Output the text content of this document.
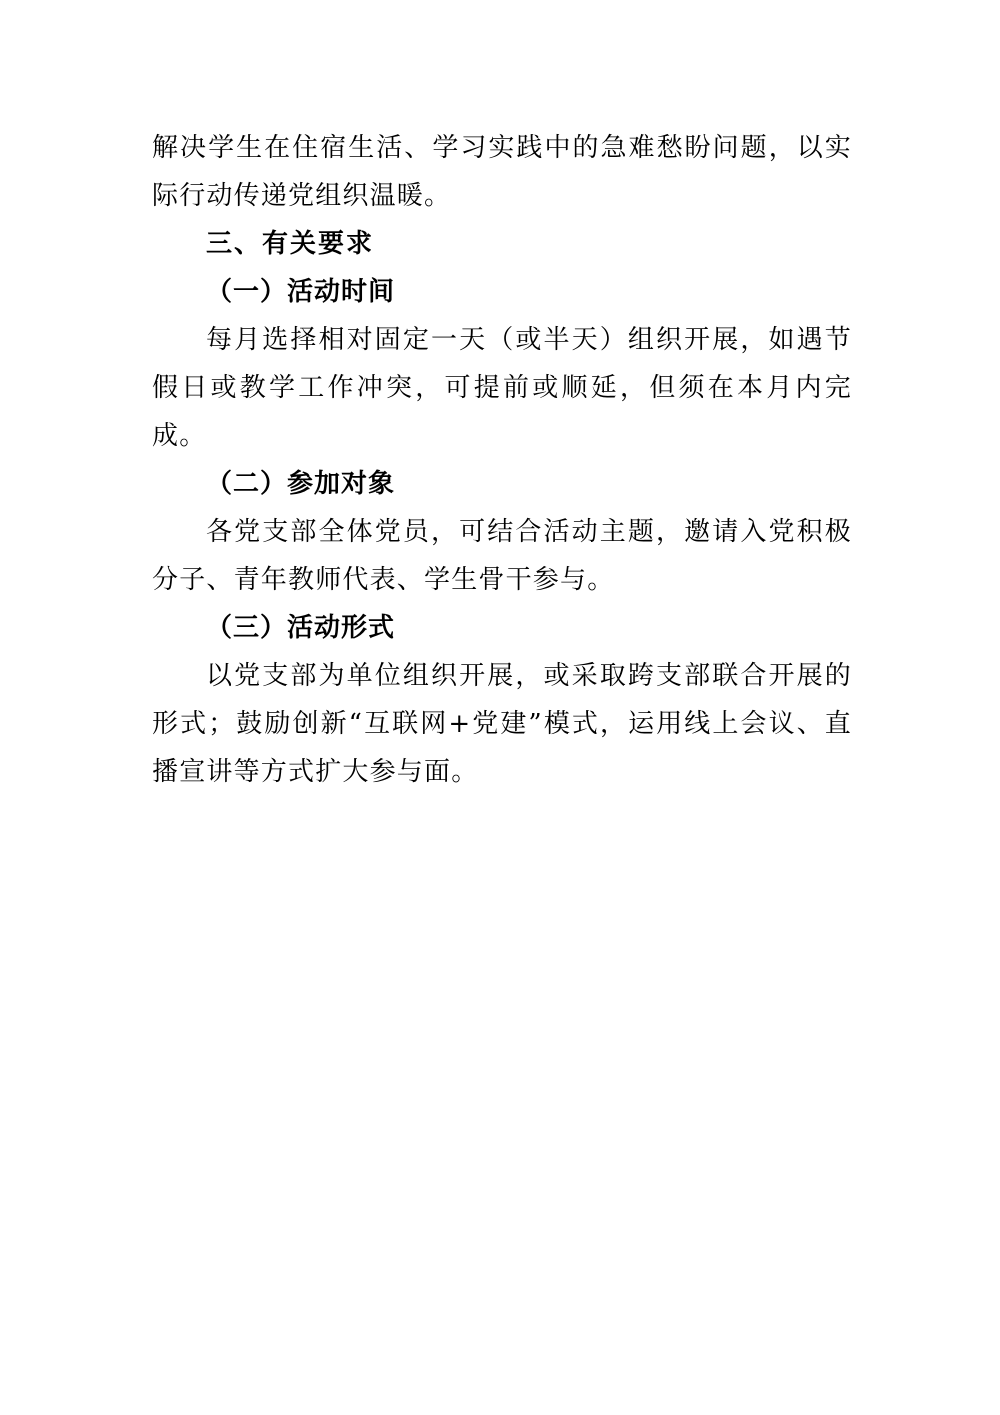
解决学生在住宿生活、学习实践中的急难愁盼问题，以实际行动传递党组织温暖。

三、有关要求
（一）活动时间

每月选择相对固定一天（或半天）组织开展，如遇节假日或教学工作冲突，可提前或顺延，但须在本月内完成。

（二）参加对象

各党支部全体党员，可结合活动主题，邀请入党积极分子、青年教师代表、学生骨干参与。

（三）活动形式

以党支部为单位组织开展，或采取跨支部联合开展的形式；鼓励创新“互联网+党建”模式，运用线上会议、直播宣讲等方式扩大参与面。
